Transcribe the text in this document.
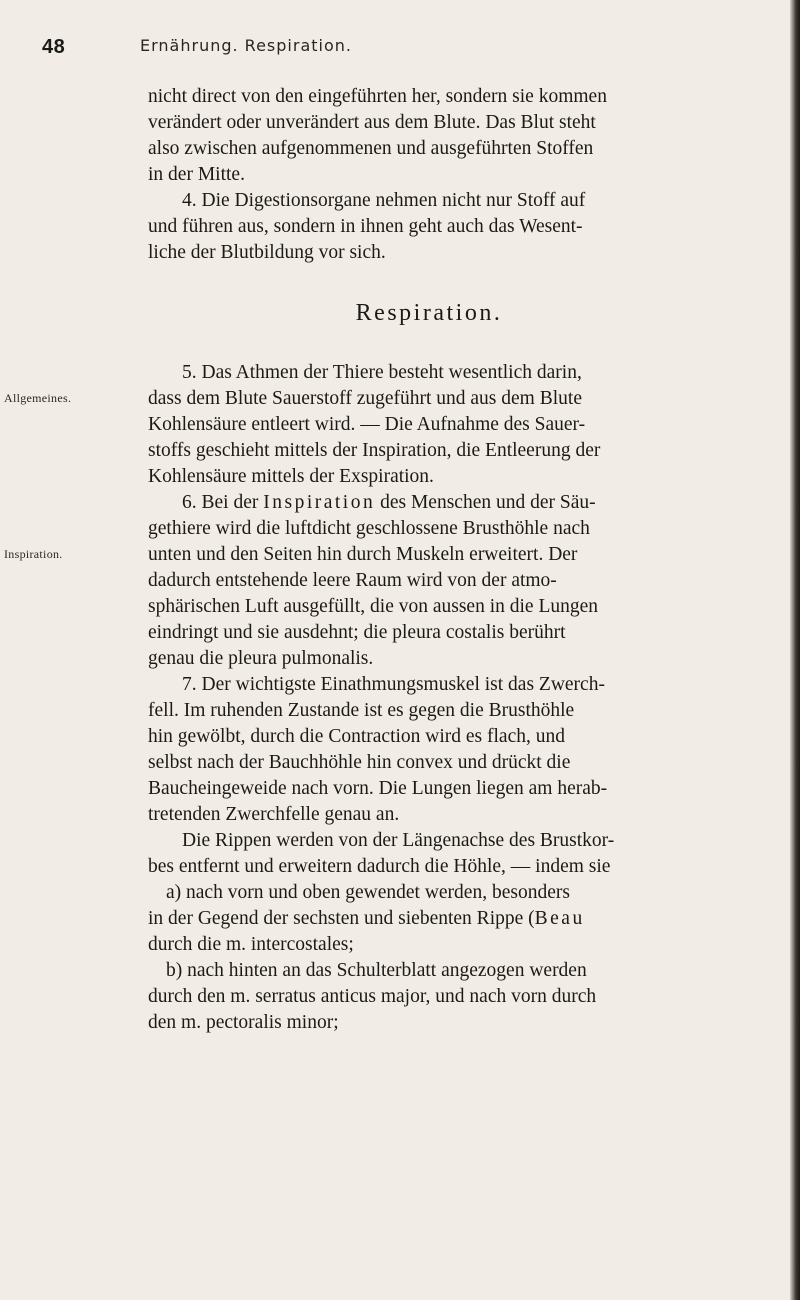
48	Ernährung. Respiration.
Allgemeines.
Inspiration.
nicht direct von den eingeführten her, sondern sie kommen
verändert oder unverändert aus dem Blute. Das Blut steht
also zwischen aufgenommenen und ausgeführten Stoffen
in der Mitte.
4. Die Digestionsorgane nehmen nicht nur Stoff auf
und führen aus, sondern in ihnen geht auch das Wesent-
liche der Blutbildung vor sich.
Respiration.
5. Das Athmen der Thiere besteht wesentlich darin,
dass dem Blute Sauerstoff zugeführt und aus dem Blute
Kohlensäure entleert wird. — Die Aufnahme des Sauer-
stoffs geschieht mittels der Inspiration, die Entleerung der
Kohlensäure mittels der Exspiration.
6. Bei der Inspiration des Menschen und der Säu-
gethiere wird die luftdicht geschlossene Brusthöhle nach
unten und den Seiten hin durch Muskeln erweitert. Der
dadurch entstehende leere Raum wird von der atmo-
sphärischen Luft ausgefüllt, die von aussen in die Lungen
eindringt und sie ausdehnt; die pleura costalis berührt
genau die pleura pulmonalis.
7. Der wichtigste Einathmungsmuskel ist das Zwerch-
fell. Im ruhenden Zustande ist es gegen die Brusthöhle
hin gewölbt, durch die Contraction wird es flach, und
selbst nach der Bauchhöhle hin convex und drückt die
Baucheingeweide nach vorn. Die Lungen liegen am herab-
tretenden Zwerchfelle genau an.
Die Rippen werden von der Längenachse des Brustkor-
bes entfernt und erweitern dadurch die Höhle, — indem sie
a) nach vorn und oben gewendet werden, besonders
in der Gegend der sechsten und siebenten Rippe (Beau
durch die m. intercostales;
b) nach hinten an das Schulterblatt angezogen werden
durch den m. serratus anticus major, und nach vorn durch
den m. pectoralis minor;
